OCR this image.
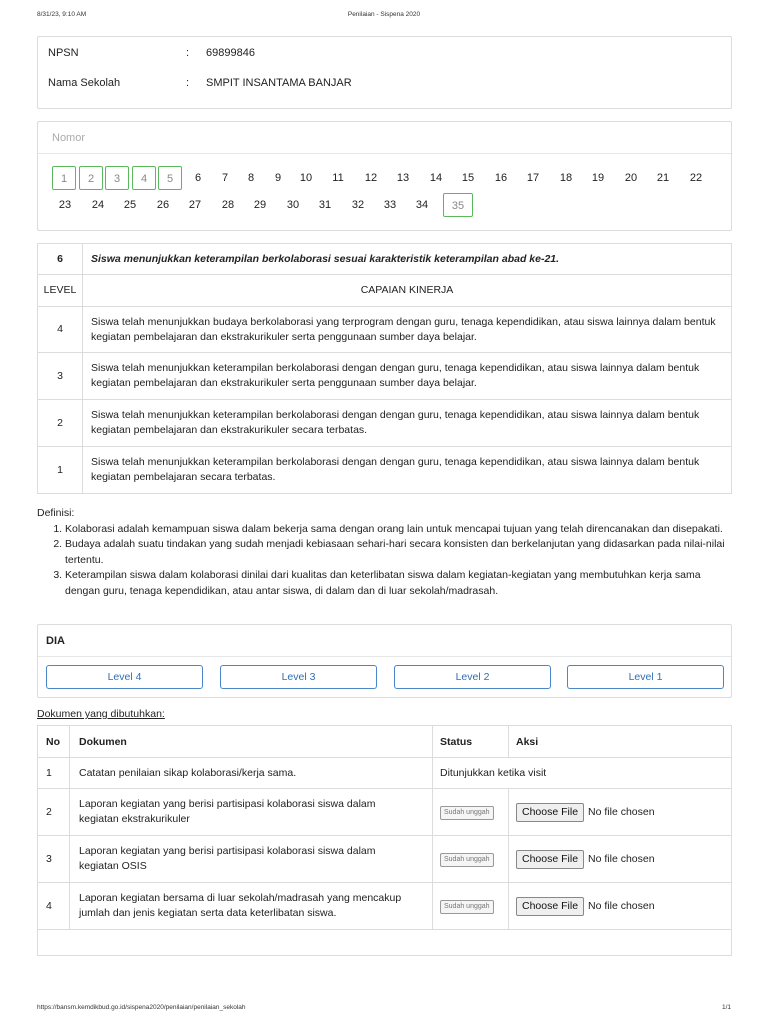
8/31/23, 9:10 AM	Penilaian - Sispena 2020
NPSN	: 69899846
Nama Sekolah	: SMPIT INSANTAMA BANJAR
Nomor
1	2	3	4	5	6	7	8	9	10	11	12	13	14	15	16	17	18	19	20	21	22
23	24	25	26	27	28	29	30	31	32	33	34	35
6	Siswa menunjukkan keterampilan berkolaborasi sesuai karakteristik keterampilan abad ke-21.
LEVEL	CAPAIAN KINERJA
4	Siswa telah menunjukkan budaya berkolaborasi yang terprogram dengan guru, tenaga kependidikan, atau siswa lainnya dalam bentuk kegiatan pembelajaran dan ekstrakurikuler serta penggunaan sumber daya belajar.
3	Siswa telah menunjukkan keterampilan berkolaborasi dengan dengan guru, tenaga kependidikan, atau siswa lainnya dalam bentuk kegiatan pembelajaran dan ekstrakurikuler serta penggunaan sumber daya belajar.
2	Siswa telah menunjukkan keterampilan berkolaborasi dengan dengan guru, tenaga kependidikan, atau siswa lainnya dalam bentuk kegiatan pembelajaran dan ekstrakurikuler secara terbatas.
1	Siswa telah menunjukkan keterampilan berkolaborasi dengan dengan guru, tenaga kependidikan, atau siswa lainnya dalam bentuk kegiatan pembelajaran secara terbatas.
Definisi:
1. Kolaborasi adalah kemampuan siswa dalam bekerja sama dengan orang lain untuk mencapai tujuan yang telah direncanakan dan disepakati.
2. Budaya adalah suatu tindakan yang sudah menjadi kebiasaan sehari-hari secara konsisten dan berkelanjutan yang didasarkan pada nilai-nilai tertentu.
3. Keterampilan siswa dalam kolaborasi dinilai dari kualitas dan keterlibatan siswa dalam kegiatan-kegiatan yang membutuhkan kerja sama dengan guru, tenaga kependidikan, atau antar siswa, di dalam dan di luar sekolah/madrasah.
DIA
Level 4	Level 3	Level 2	Level 1
Dokumen yang dibutuhkan:
No	Dokumen	Status	Aksi
1	Catatan penilaian sikap kolaborasi/kerja sama.	Ditunjukkan ketika visit	
2	Laporan kegiatan yang berisi partisipasi kolaborasi siswa dalam kegiatan ekstrakurikuler	Sudah unggah	Choose File No file chosen
3	Laporan kegiatan yang berisi partisipasi kolaborasi siswa dalam kegiatan OSIS	Sudah unggah	Choose File No file chosen
4	Laporan kegiatan bersama di luar sekolah/madrasah yang mencakup jumlah dan jenis kegiatan serta data keterlibatan siswa.	Sudah unggah	Choose File No file chosen

https://bansm.kemdikbud.go.id/sispena2020/penilaian/penilaian_sekolah	1/1
